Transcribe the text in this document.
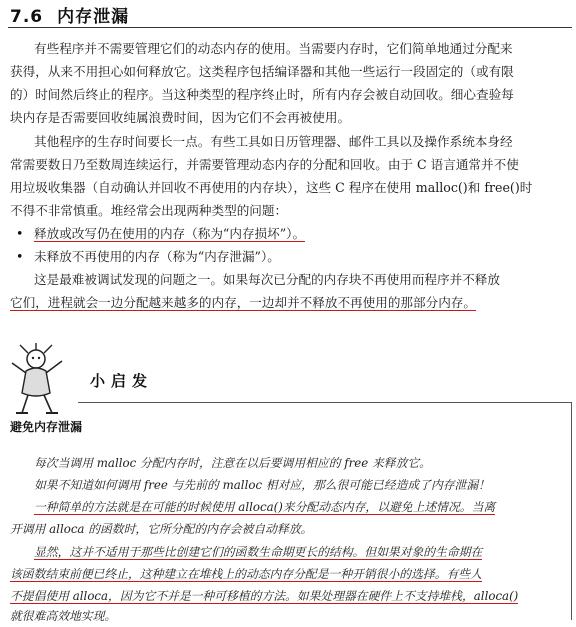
7.6 内存泄漏
有些程序并不需要管理它们的动态内存的使用。当需要内存时，它们简单地通过分配来
获得，从来不用担心如何释放它。这类程序包括编译器和其他一些运行一段固定的（或有限
的）时间然后终止的程序。当这种类型的程序终止时，所有内存会被自动回收。细心查验每
块内存是否需要回收纯属浪费时间，因为它们不会再被使用。
其他程序的生存时间要长一点。有些工具如日历管理器、邮件工具以及操作系统本身经
常需要数日乃至数周连续运行，并需要管理动态内存的分配和回收。由于 C 语言通常并不使
用垃圾收集器（自动确认并回收不再使用的内存块），这些 C 程序在使用 malloc()和 free()时
不得不非常慎重。堆经常会出现两种类型的问题：
• 释放或改写仍在使用的内存（称为“内存损坏”）。
• 未释放不再使用的内存（称为“内存泄漏”）。
这是最难被调试发现的问题之一。如果每次已分配的内存块不再使用而程序并不释放
它们，进程就会一边分配越来越多的内存，一边却并不释放不再使用的那部分内存。
小启发
避免内存泄漏
每次当调用 malloc 分配内存时，注意在以后要调用相应的 free 来释放它。
如果不知道如何调用 free 与先前的 malloc 相对应，那么很可能已经造成了内存泄漏！
一种简单的方法就是在可能的时候使用 alloca()来分配动态内存，以避免上述情况。当离
开调用 alloca 的函数时，它所分配的内存会被自动释放。
显然，这并不适用于那些比创建它们的函数生命期更长的结构。但如果对象的生命期在
该函数结束前便已终止，这种建立在堆栈上的动态内存分配是一种开销很小的选择。有些人
不提倡使用 alloca，因为它不并是一种可移植的方法。如果处理器在硬件上不支持堆栈，alloca()
就很难高效地实现。
